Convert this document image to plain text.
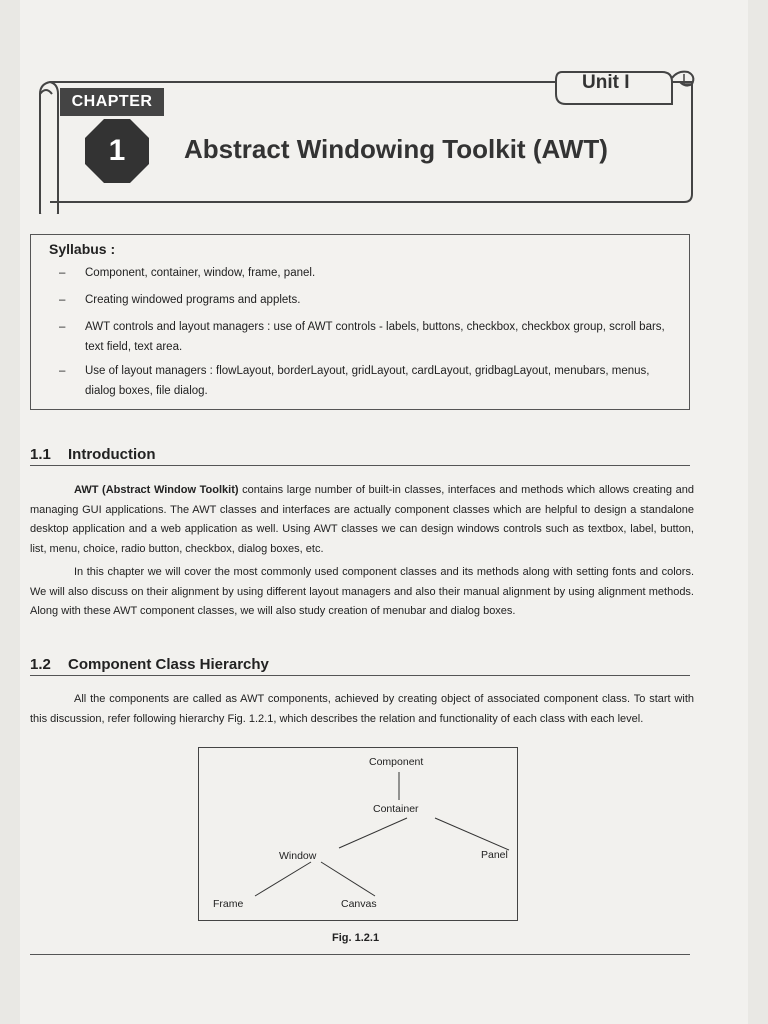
CHAPTER
1	Abstract Windowing Toolkit (AWT)
Unit I
Syllabus :
–	Component, container, window, frame, panel.
–	Creating windowed programs and applets.
–	AWT controls and layout managers : use of AWT controls - labels, buttons, checkbox, checkbox group, scroll bars, text field, text area.
–	Use of layout managers : flowLayout, borderLayout, gridLayout, cardLayout, gridbagLayout, menubars, menus, dialog boxes, file dialog.
1.1 Introduction
AWT (Abstract Window Toolkit) contains large number of built-in classes, interfaces and methods which allows creating and managing GUI applications. The AWT classes and interfaces are actually component classes which are helpful to design a standalone desktop application and a web application as well. Using AWT classes we can design windows controls such as textbox, label, button, list, menu, choice, radio button, checkbox, dialog boxes, etc.
In this chapter we will cover the most commonly used component classes and its methods along with setting fonts and colors. We will also discuss on their alignment by using different layout managers and also their manual alignment by using alignment methods. Along with these AWT component classes, we will also study creation of menubar and dialog boxes.
1.2 Component Class Hierarchy
All the components are called as AWT components, achieved by creating object of associated component class. To start with this discussion, refer following hierarchy Fig. 1.2.1, which describes the relation and functionality of each class with each level.
Component
Container
Window	Panel
Frame	Canvas
Fig. 1.2.1
